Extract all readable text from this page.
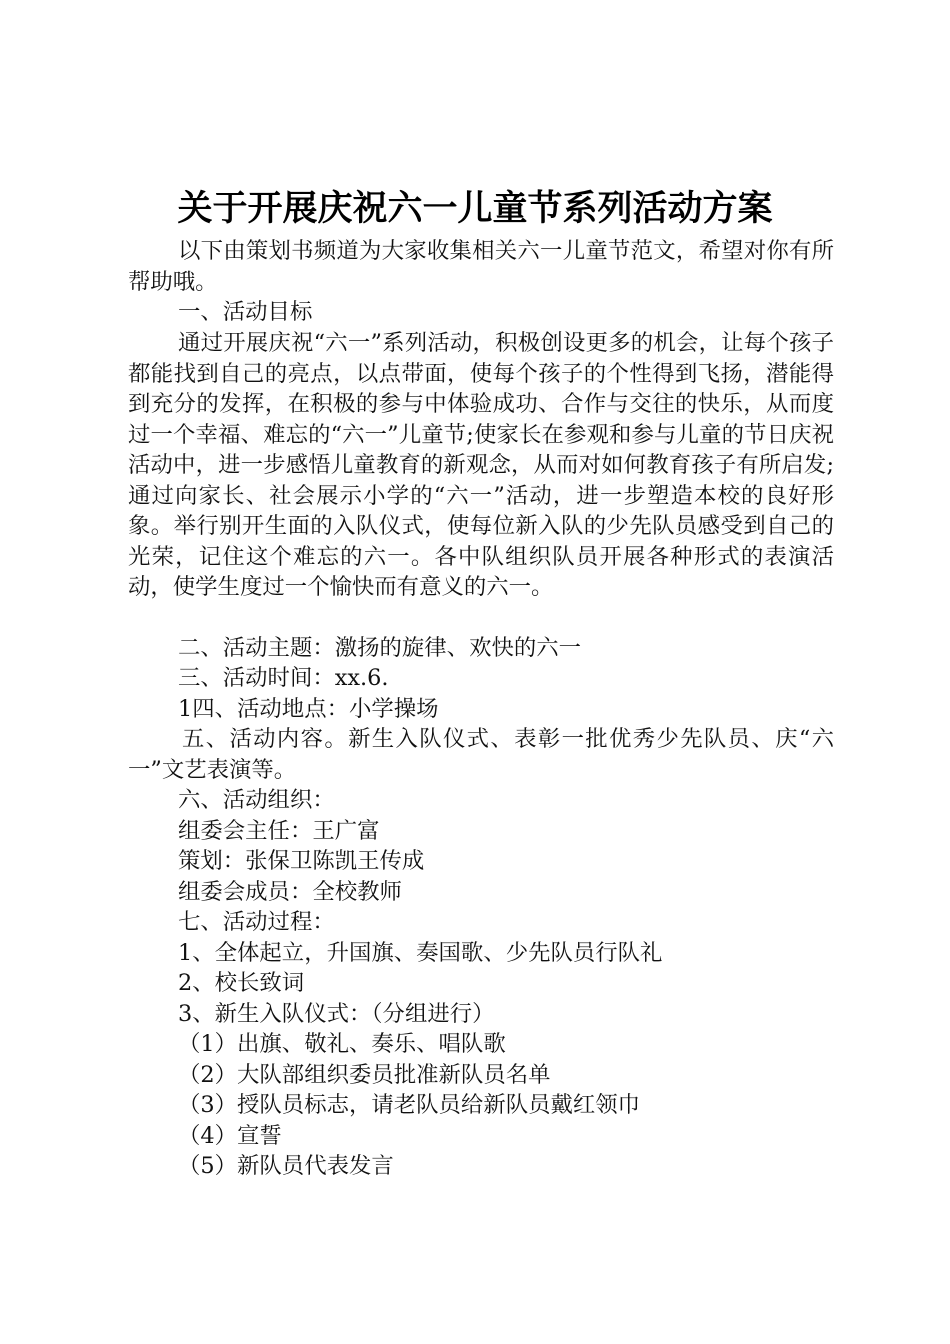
关于开展庆祝六一儿童节系列活动方案

以下由策划书频道为大家收集相关六一儿童节范文，希望对你有所帮助哦。

一、活动目标

通过开展庆祝“六一”系列活动，积极创设更多的机会，让每个孩子都能找到自己的亮点，以点带面，使每个孩子的个性得到飞扬，潜能得到充分的发挥，在积极的参与中体验成功、合作与交往的快乐，从而度过一个幸福、难忘的“六一”儿童节;使家长在参观和参与儿童的节日庆祝活动中，进一步感悟儿童教育的新观念，从而对如何教育孩子有所启发;通过向家长、社会展示小学的“六一”活动，进一步塑造本校的良好形象。举行别开生面的入队仪式，使每位新入队的少先队员感受到自己的光荣，记住这个难忘的六一。各中队组织队员开展各种形式的表演活动，使学生度过一个愉快而有意义的六一。

二、活动主题：激扬的旋律、欢快的六一

三、活动时间：xx.6.

1四、活动地点：小学操场

五、活动内容。新生入队仪式、表彰一批优秀少先队员、庆“六一”文艺表演等。

六、活动组织：

组委会主任：王广富

策划：张保卫陈凯王传成

组委会成员：全校教师

七、活动过程：

1、全体起立，升国旗、奏国歌、少先队员行队礼

2、校长致词

3、新生入队仪式：（分组进行）

（1）出旗、敬礼、奏乐、唱队歌

（2）大队部组织委员批准新队员名单

（3）授队员标志，请老队员给新队员戴红领巾

（4）宣誓

（5）新队员代表发言
